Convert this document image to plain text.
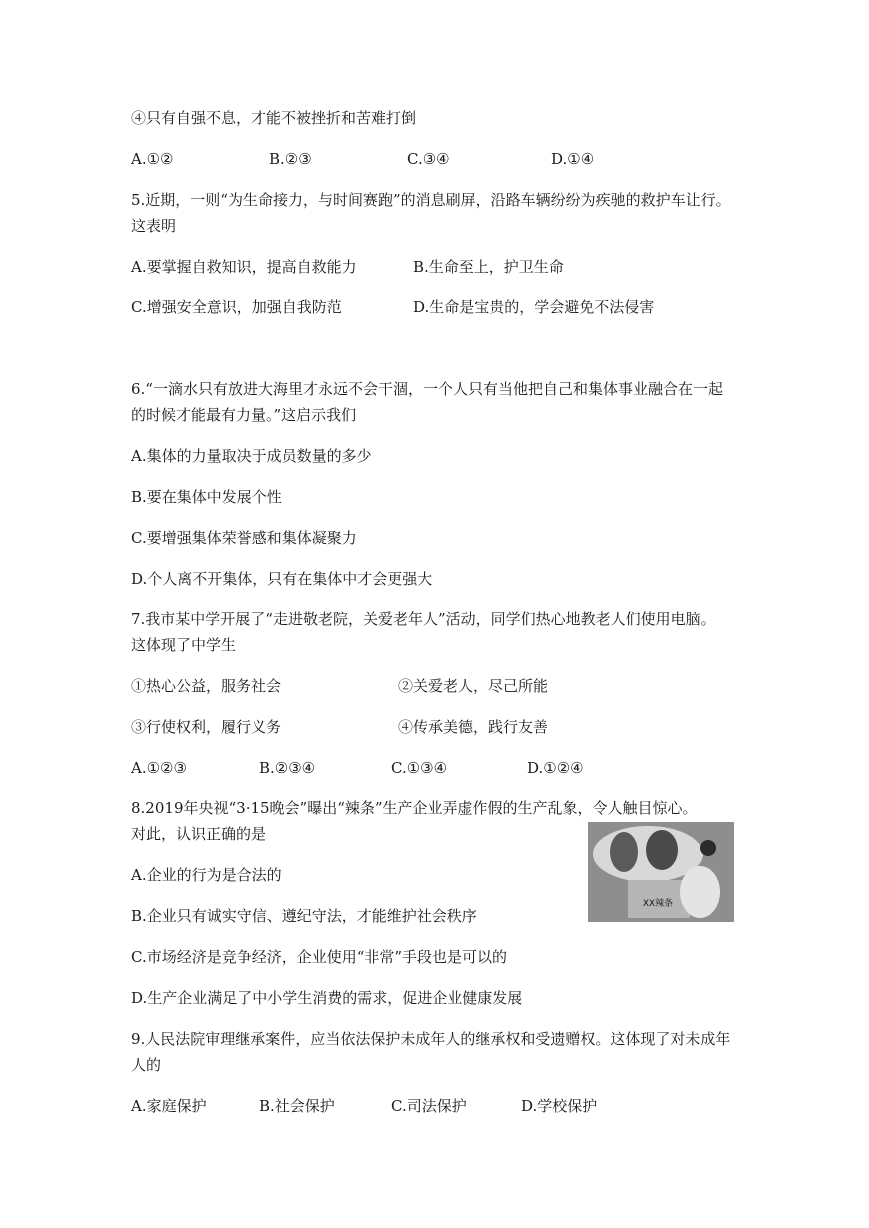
④只有自强不息，才能不被挫折和苦难打倒
A.①②	B.②③	C.③④	D.①④
5.近期，一则“为生命接力，与时间赛跑”的消息刷屏，沿路车辆纷纷为疾驰的救护车让行。
这表明
A.要掌握自救知识，提高自救能力	B.生命至上，护卫生命
C.增强安全意识，加强自我防范	D.生命是宝贵的，学会避免不法侵害
6.“一滴水只有放进大海里才永远不会干涸，一个人只有当他把自己和集体事业融合在一起
的时候才能最有力量。”这启示我们
A.集体的力量取决于成员数量的多少
B.要在集体中发展个性
C.要增强集体荣誉感和集体凝聚力
D.个人离不开集体，只有在集体中才会更强大
7.我市某中学开展了“走进敬老院，关爱老年人”活动，同学们热心地教老人们使用电脑。
这体现了中学生
①热心公益，服务社会	②关爱老人，尽己所能
③行使权利，履行义务	④传承美德，践行友善
A.①②③	B.②③④	C.①③④	D.①②④
8.2019年央视“3·15晚会”曝出“辣条”生产企业弄虚作假的生产乱象，令人触目惊心。
对此，认识正确的是
A.企业的行为是合法的
B.企业只有诚实守信、遵纪守法，才能维护社会秩序
C.市场经济是竞争经济，企业使用“非常”手段也是可以的
D.生产企业满足了中小学生消费的需求，促进企业健康发展
XX辣条
9.人民法院审理继承案件，应当依法保护未成年人的继承权和受遗赠权。这体现了对未成年
人的
A.家庭保护	B.社会保护	C.司法保护	D.学校保护
